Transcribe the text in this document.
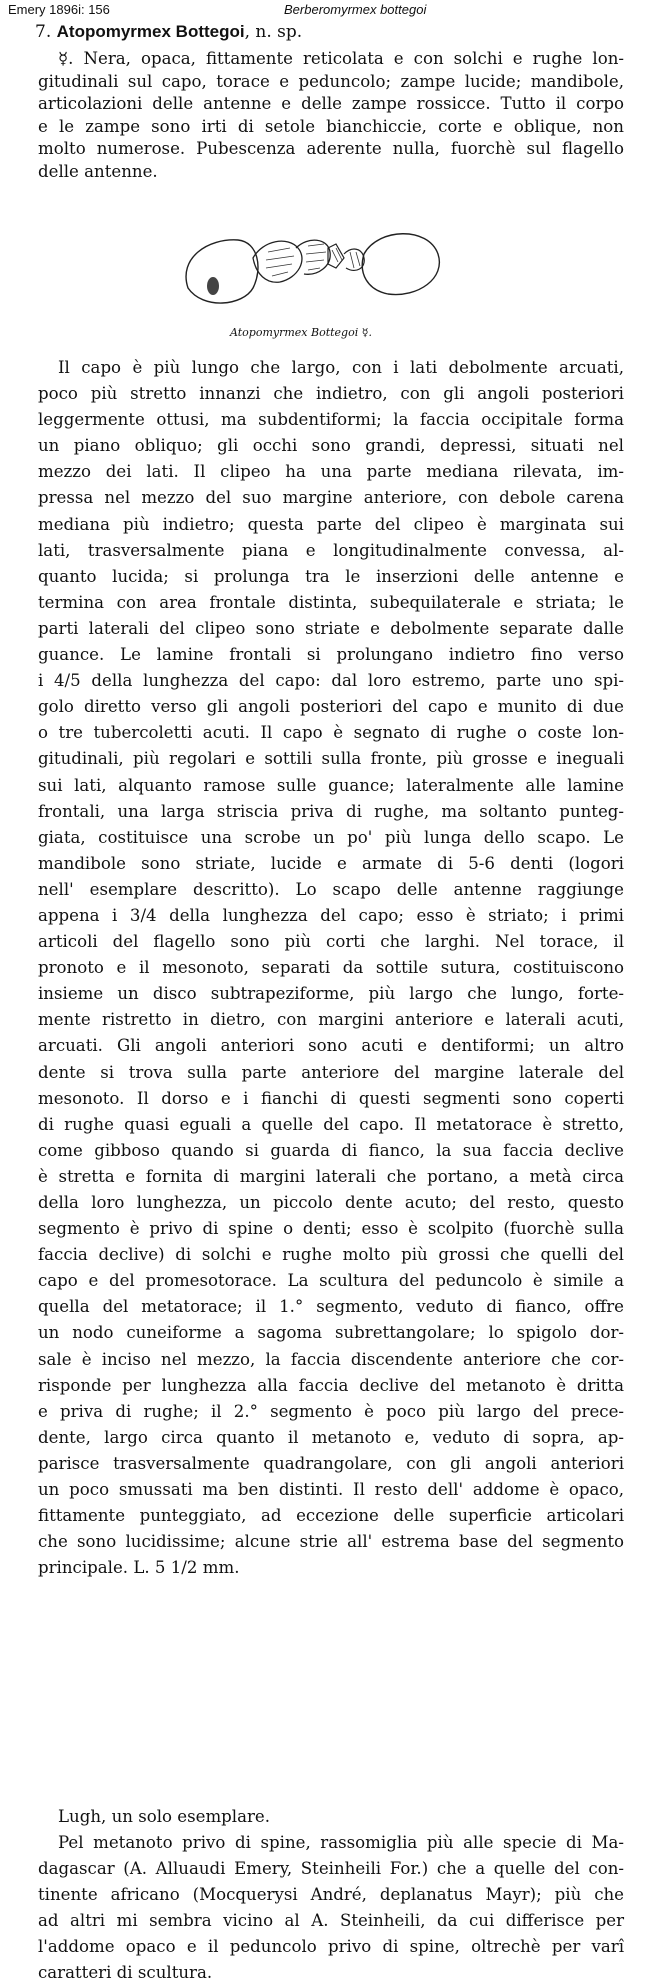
Emery 1896i: 156	Berberomyrmex bottegoi
7. Atopomyrmex Bottegoi, n. sp.
☿. Nera, opaca, fittamente reticolata e con solchi e rughe lon-
gitudinali sul capo, torace e peduncolo; zampe lucide; mandibole,
articolazioni delle antenne e delle zampe rossicce. Tutto il corpo
e le zampe sono irti di setole bianchiccie, corte e oblique, non
molto numerose. Pubescenza aderente nulla, fuorchè sul flagello
delle antenne.
Atopomyrmex Bottegoi ☿.
Il capo è più lungo che largo, con i lati debolmente arcuati,
poco più stretto innanzi che indietro, con gli angoli posteriori
leggermente ottusi, ma subdentiformi; la faccia occipitale forma
un piano obliquo; gli occhi sono grandi, depressi, situati nel
mezzo dei lati. Il clipeo ha una parte mediana rilevata, im-
pressa nel mezzo del suo margine anteriore, con debole carena
mediana più indietro; questa parte del clipeo è marginata sui
lati, trasversalmente piana e longitudinalmente convessa, al-
quanto lucida; si prolunga tra le inserzioni delle antenne e
termina con area frontale distinta, subequilaterale e striata; le
parti laterali del clipeo sono striate e debolmente separate dalle
guance. Le lamine frontali si prolungano indietro fino verso
i 4/5 della lunghezza del capo: dal loro estremo, parte uno spi-
golo diretto verso gli angoli posteriori del capo e munito di due
o tre tubercoletti acuti. Il capo è segnato di rughe o coste lon-
gitudinali, più regolari e sottili sulla fronte, più grosse e ineguali
sui lati, alquanto ramose sulle guance; lateralmente alle lamine
frontali, una larga striscia priva di rughe, ma soltanto punteg-
giata, costituisce una scrobe un po' più lunga dello scapo. Le
mandibole sono striate, lucide e armate di 5-6 denti (logori
nell' esemplare descritto). Lo scapo delle antenne raggiunge
appena i 3/4 della lunghezza del capo; esso è striato; i primi
articoli del flagello sono più corti che larghi. Nel torace, il
pronoto e il mesonoto, separati da sottile sutura, costituiscono
insieme un disco subtrapeziforme, più largo che lungo, forte-
mente ristretto in dietro, con margini anteriore e laterali acuti,
arcuati. Gli angoli anteriori sono acuti e dentiformi; un altro
dente si trova sulla parte anteriore del margine laterale del
mesonoto. Il dorso e i fianchi di questi segmenti sono coperti
di rughe quasi eguali a quelle del capo. Il metatorace è stretto,
come gibboso quando si guarda di fianco, la sua faccia declive
è stretta e fornita di margini laterali che portano, a metà circa
della loro lunghezza, un piccolo dente acuto; del resto, questo
segmento è privo di spine o denti; esso è scolpito (fuorchè sulla
faccia declive) di solchi e rughe molto più grossi che quelli del
capo e del promesotorace. La scultura del peduncolo è simile a
quella del metatorace; il 1.° segmento, veduto di fianco, offre
un nodo cuneiforme a sagoma subrettangolare; lo spigolo dor-
sale è inciso nel mezzo, la faccia discendente anteriore che cor-
risponde per lunghezza alla faccia declive del metanoto è dritta
e priva di rughe; il 2.° segmento è poco più largo del prece-
dente, largo circa quanto il metanoto e, veduto di sopra, ap-
parisce trasversalmente quadrangolare, con gli angoli anteriori
un poco smussati ma ben distinti. Il resto dell' addome è opaco,
fittamente punteggiato, ad eccezione delle superficie articolari
che sono lucidissime; alcune strie all' estrema base del segmento
principale. L. 5 1/2 mm.
Lugh, un solo esemplare.
Pel metanoto privo di spine, rassomiglia più alle specie di Ma-
dagascar (A. Alluaudi Emery, Steinheili For.) che a quelle del con-
tinente africano (Mocquerysi André, deplanatus Mayr); più che
ad altri mi sembra vicino al A. Steinheili, da cui differisce per
l'addome opaco e il peduncolo privo di spine, oltrechè per varî
caratteri di scultura.
